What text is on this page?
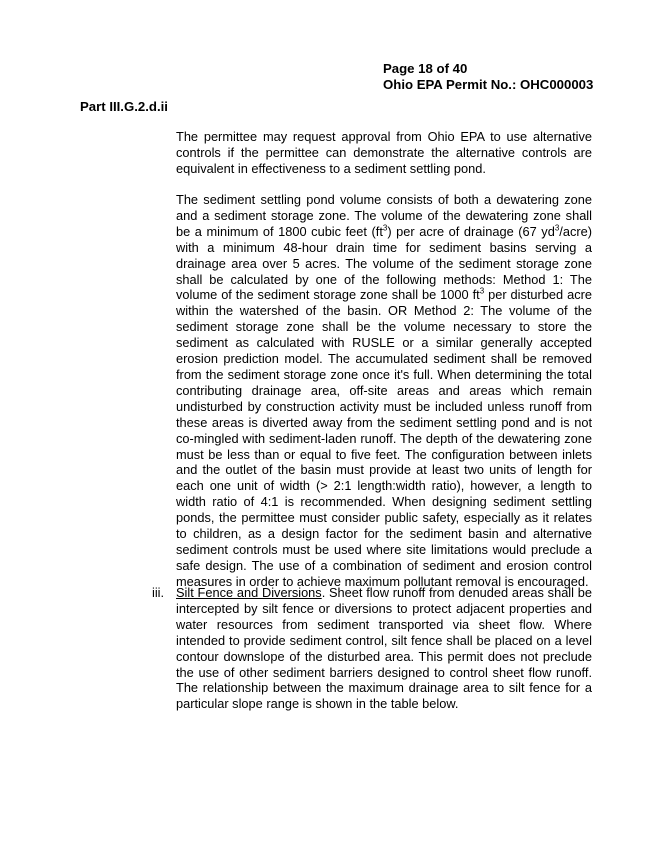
Page 18 of 40
Ohio EPA Permit No.: OHC000003
Part III.G.2.d.ii

The permittee may request approval from Ohio EPA to use alternative controls if the permittee can demonstrate the alternative controls are equivalent in effectiveness to a sediment settling pond.

The sediment settling pond volume consists of both a dewatering zone and a sediment storage zone. The volume of the dewatering zone shall be a minimum of 1800 cubic feet $(ft^3)$ per acre of drainage (67 $yd^3/acre$) with a minimum 48-hour drain time for sediment basins serving a drainage area over 5 acres. The volume of the sediment storage zone shall be calculated by one of the following methods: Method 1: The volume of the sediment storage zone shall be 1000 $ft^3$ per disturbed acre within the watershed of the basin. OR Method 2: The volume of the sediment storage zone shall be the volume necessary to store the sediment as calculated with RUSLE or a similar generally accepted erosion prediction model. The accumulated sediment shall be removed from the sediment storage zone once it's full. When determining the total contributing drainage area, off-site areas and areas which remain undisturbed by construction activity must be included unless runoff from these areas is diverted away from the sediment settling pond and is not co-mingled with sediment-laden runoff. The depth of the dewatering zone must be less than or equal to five feet. The configuration between inlets and the outlet of the basin must provide at least two units of length for each one unit of width (> 2:1 length:width ratio), however, a length to width ratio of 4:1 is recommended. When designing sediment settling ponds, the permittee must consider public safety, especially as it relates to children, as a design factor for the sediment basin and alternative sediment controls must be used where site limitations would preclude a safe design. The use of a combination of sediment and erosion control measures in order to achieve maximum pollutant removal is encouraged.

iii. Silt Fence and Diversions. Sheet flow runoff from denuded areas shall be intercepted by silt fence or diversions to protect adjacent properties and water resources from sediment transported via sheet flow. Where intended to provide sediment control, silt fence shall be placed on a level contour downslope of the disturbed area. This permit does not preclude the use of other sediment barriers designed to control sheet flow runoff. The relationship between the maximum drainage area to silt fence for a particular slope range is shown in the table below.
